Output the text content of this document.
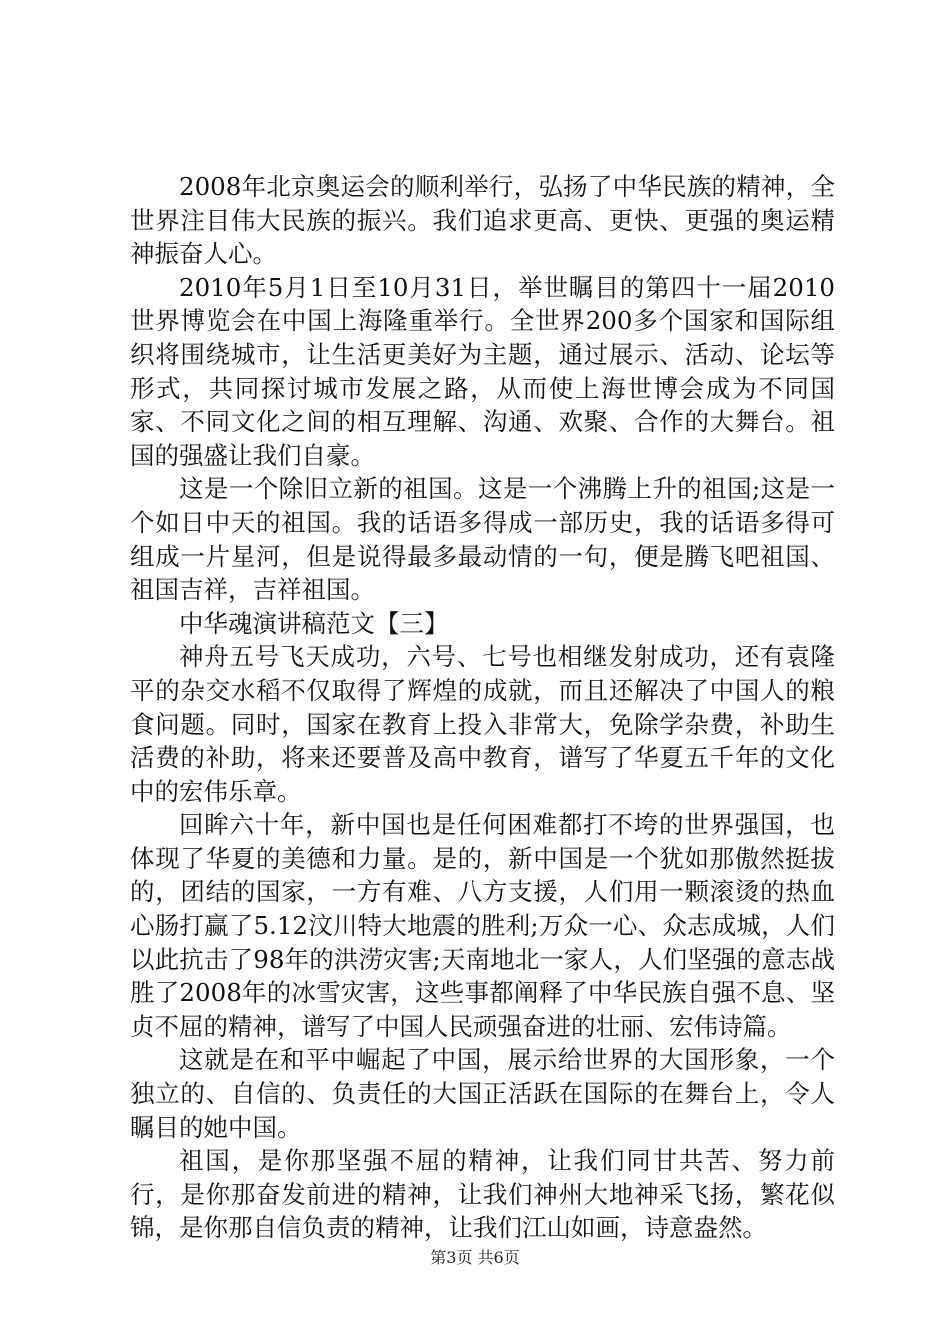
2008年北京奥运会的顺利举行，弘扬了中华民族的精神，全世界注目伟大民族的振兴。我们追求更高、更快、更强的奥运精神振奋人心。

2010年5月1日至10月31日，举世瞩目的第四十一届2010世界博览会在中国上海隆重举行。全世界200多个国家和国际组织将围绕城市，让生活更美好为主题，通过展示、活动、论坛等形式，共同探讨城市发展之路，从而使上海世博会成为不同国家、不同文化之间的相互理解、沟通、欢聚、合作的大舞台。祖国的强盛让我们自豪。

这是一个除旧立新的祖国。这是一个沸腾上升的祖国;这是一个如日中天的祖国。我的话语多得成一部历史，我的话语多得可组成一片星河，但是说得最多最动情的一句，便是腾飞吧祖国、祖国吉祥，吉祥祖国。

中华魂演讲稿范文【三】

神舟五号飞天成功，六号、七号也相继发射成功，还有袁隆平的杂交水稻不仅取得了辉煌的成就，而且还解决了中国人的粮食问题。同时，国家在教育上投入非常大，免除学杂费，补助生活费的补助，将来还要普及高中教育，谱写了华夏五千年的文化中的宏伟乐章。

回眸六十年，新中国也是任何困难都打不垮的世界强国，也体现了华夏的美德和力量。是的，新中国是一个犹如那傲然挺拔的，团结的国家，一方有难、八方支援，人们用一颗滚烫的热血心肠打赢了5.12汶川特大地震的胜利;万众一心、众志成城，人们以此抗击了98年的洪涝灾害;天南地北一家人，人们坚强的意志战胜了2008年的冰雪灾害，这些事都阐释了中华民族自强不息、坚贞不屈的精神，谱写了中国人民顽强奋进的壮丽、宏伟诗篇。

这就是在和平中崛起了中国，展示给世界的大国形象，一个独立的、自信的、负责任的大国正活跃在国际的在舞台上，令人瞩目的她中国。

祖国，是你那坚强不屈的精神，让我们同甘共苦、努力前行，是你那奋发前进的精神，让我们神州大地神采飞扬，繁花似锦，是你那自信负责的精神，让我们江山如画，诗意盎然。

第3页 共6页
